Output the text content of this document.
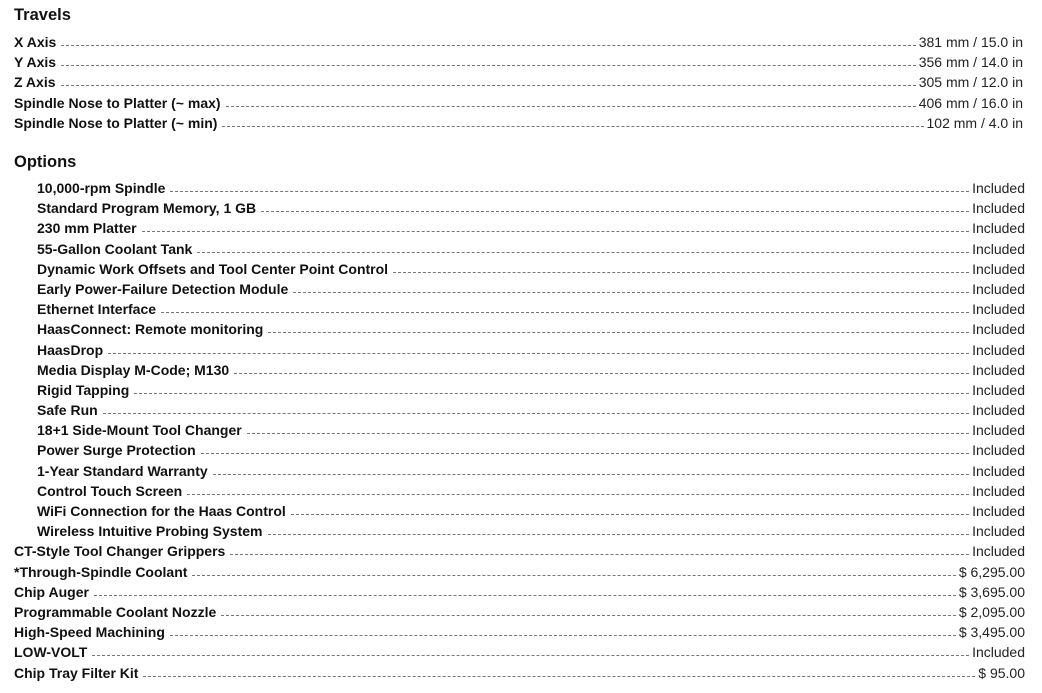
Travels
X Axis	381 mm / 15.0 in
Y Axis	356 mm / 14.0 in
Z Axis	305 mm / 12.0 in
Spindle Nose to Platter (~ max)	406 mm / 16.0 in
Spindle Nose to Platter (~ min)	102 mm / 4.0 in
Options
10,000-rpm Spindle	Included
Standard Program Memory, 1 GB	Included
230 mm Platter	Included
55-Gallon Coolant Tank	Included
Dynamic Work Offsets and Tool Center Point Control	Included
Early Power-Failure Detection Module	Included
Ethernet Interface	Included
HaasConnect: Remote monitoring	Included
HaasDrop	Included
Media Display M-Code; M130	Included
Rigid Tapping	Included
Safe Run	Included
18+1 Side-Mount Tool Changer	Included
Power Surge Protection	Included
1-Year Standard Warranty	Included
Control Touch Screen	Included
WiFi Connection for the Haas Control	Included
Wireless Intuitive Probing System	Included
CT-Style Tool Changer Grippers	Included
*Through-Spindle Coolant	$ 6,295.00
Chip Auger	$ 3,695.00
Programmable Coolant Nozzle	$ 2,095.00
High-Speed Machining	$ 3,495.00
LOW-VOLT	Included
Chip Tray Filter Kit	$ 95.00
